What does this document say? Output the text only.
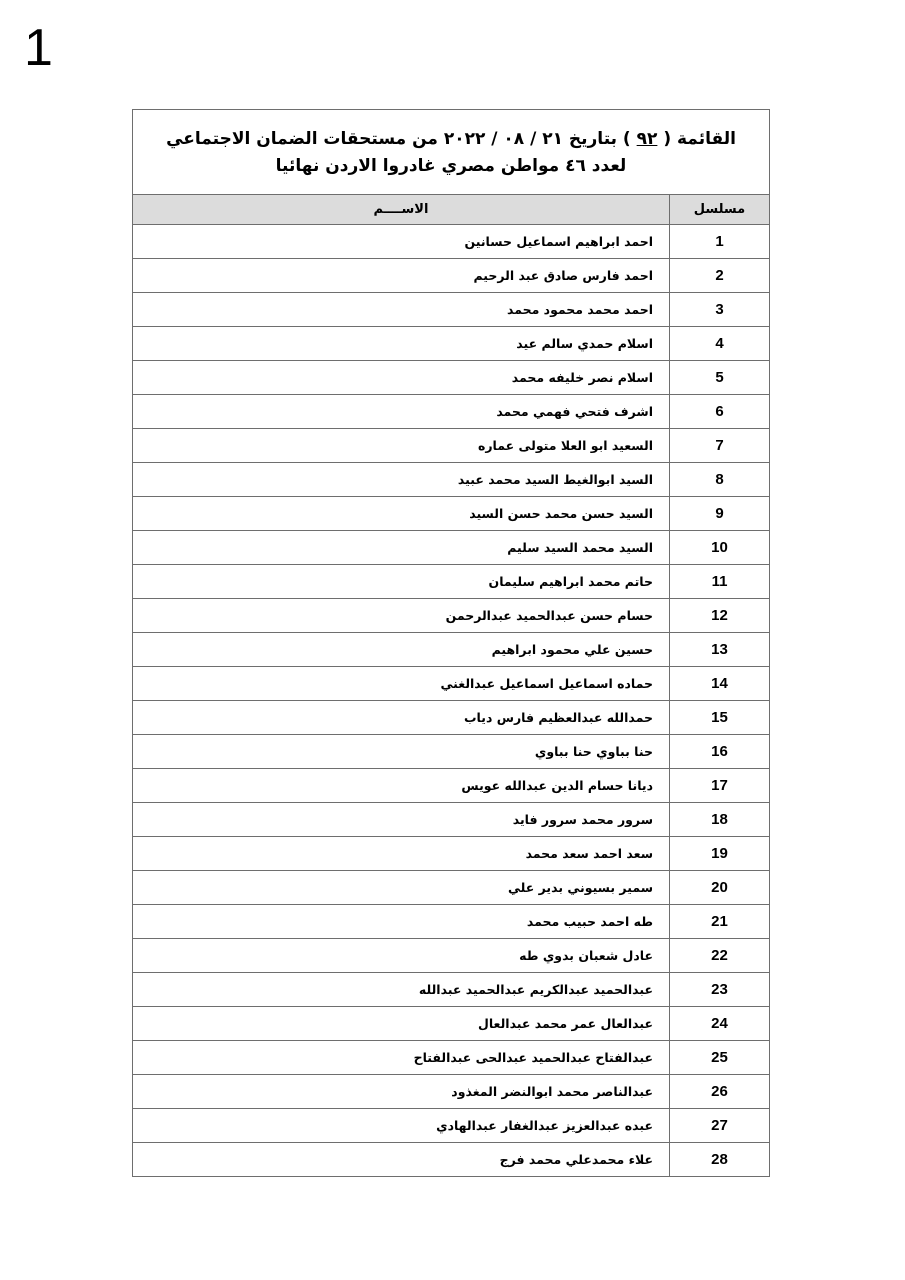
1
القائمة ( ٩٢ ) بتاريخ ٢١ / ٠٨ / ٢٠٢٢ من مستحقات الضمان الاجتماعي
لعدد ٤٦ مواطن مصري غادروا الاردن نهائيا	

مسلسل	الاســــم
1	احمد ابراهيم اسماعيل حسانين
2	احمد فارس صادق عبد الرحيم
3	احمد محمد محمود محمد
4	اسلام حمدي سالم عيد
5	اسلام نصر خليفه محمد
6	اشرف فتحي فهمي محمد
7	السعيد ابو العلا متولى عماره
8	السيد ابوالغيط السيد محمد عبيد
9	السيد حسن محمد حسن السيد
10	السيد محمد السيد سليم
11	حاتم محمد ابراهيم سليمان
12	حسام حسن عبدالحميد عبدالرحمن
13	حسين علي محمود ابراهيم
14	حماده اسماعيل اسماعيل عبدالغني
15	حمدالله عبدالعظيم فارس دياب
16	حنا بباوي حنا بباوي
17	ديانا حسام الدين عبدالله عويس
18	سرور محمد سرور فايد
19	سعد احمد سعد محمد
20	سمير بسيوني بدير علي
21	طه احمد حبيب محمد
22	عادل شعبان بدوي طه
23	عبدالحميد عبدالكريم عبدالحميد عبدالله
24	عبدالعال عمر محمد عبدالعال
25	عبدالفتاح عبدالحميد عبدالحى عبدالفتاح
26	عبدالناصر محمد ابوالنضر المغذود
27	عبده عبدالعزيز عبدالغفار عبدالهادي
28	علاء محمدعلي محمد فرج
